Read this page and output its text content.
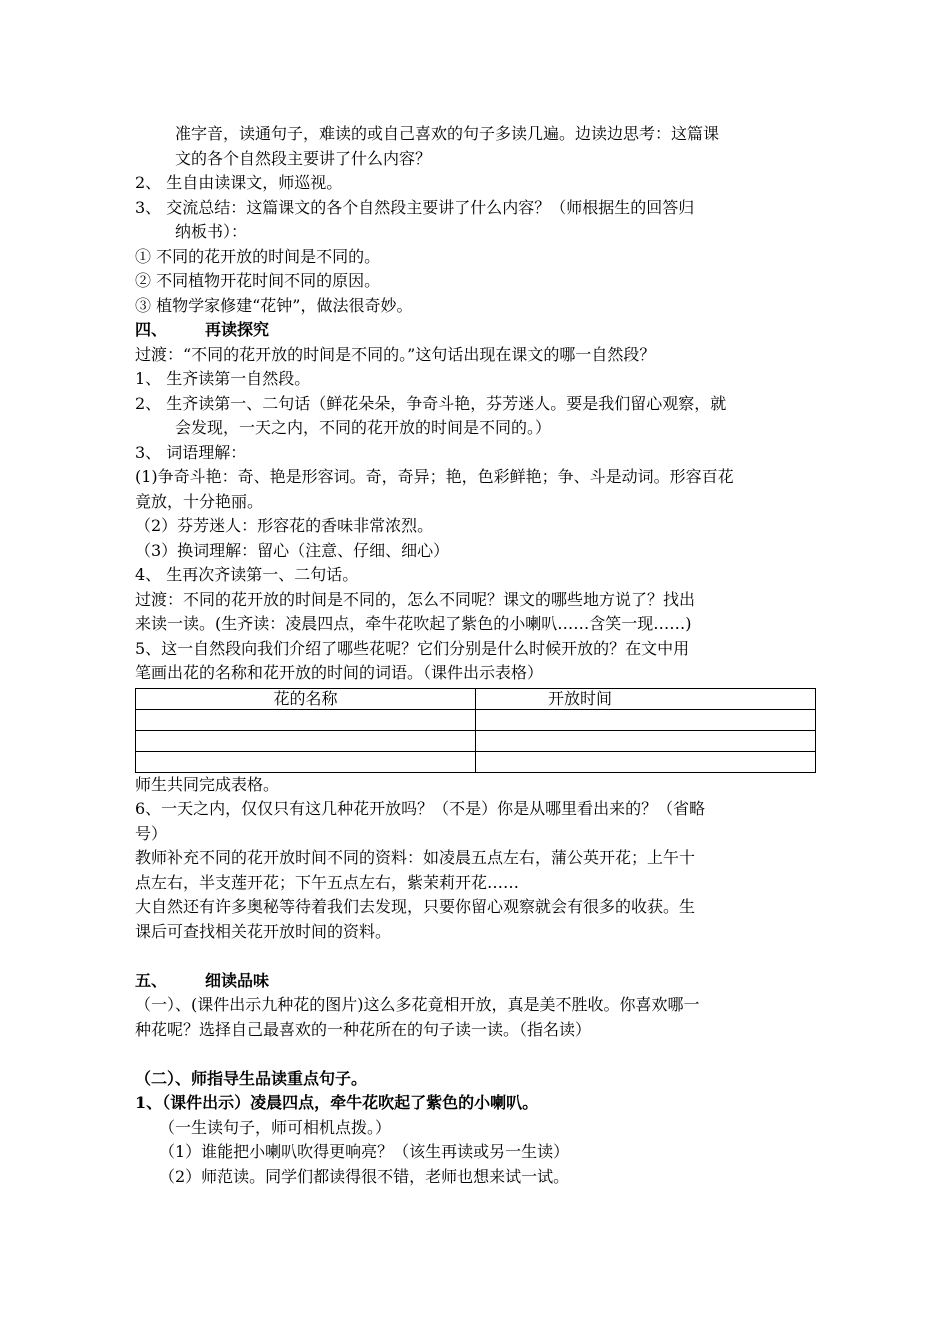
准字音，读通句子，难读的或自己喜欢的句子多读几遍。边读边思考：这篇课
文的各个自然段主要讲了什么内容？
2、 生自由读课文，师巡视。
3、 交流总结：这篇课文的各个自然段主要讲了什么内容？（师根据生的回答归
纳板书）：
① 不同的花开放的时间是不同的。
② 不同植物开花时间不同的原因。
③ 植物学家修建“花钟”，做法很奇妙。
四、 再读探究
过渡：“不同的花开放的时间是不同的。”这句话出现在课文的哪一自然段？
1、 生齐读第一自然段。
2、 生齐读第一、二句话（鲜花朵朵，争奇斗艳，芬芳迷人。要是我们留心观察，就
会发现，一天之内，不同的花开放的时间是不同的。）
3、 词语理解：
(1)争奇斗艳：奇、艳是形容词。奇，奇异；艳，色彩鲜艳；争、斗是动词。形容百花
竟放，十分艳丽。
（2）芬芳迷人：形容花的香味非常浓烈。
（3）换词理解：留心（注意、仔细、细心）
4、 生再次齐读第一、二句话。
过渡：不同的花开放的时间是不同的，怎么不同呢？课文的哪些地方说了？找出
来读一读。(生齐读：凌晨四点，牵牛花吹起了紫色的小喇叭……含笑一现……)
5、这一自然段向我们介绍了哪些花呢？它们分别是什么时候开放的？在文中用
笔画出花的名称和花开放的时间的词语。（课件出示表格）
花的名称	开放时间

师生共同完成表格。
6、一天之内，仅仅只有这几种花开放吗？（不是）你是从哪里看出来的？（省略
号）
教师补充不同的花开放时间不同的资料：如凌晨五点左右，蒲公英开花；上午十
点左右，半支莲开花；下午五点左右，紫茉莉开花……
大自然还有许多奥秘等待着我们去发现，只要你留心观察就会有很多的收获。生
课后可查找相关花开放时间的资料。
五、 细读品味
（一）、(课件出示九种花的图片)这么多花竟相开放，真是美不胜收。你喜欢哪一
种花呢？选择自己最喜欢的一种花所在的句子读一读。（指名读）
（二）、师指导生品读重点句子。
1、（课件出示）凌晨四点，牵牛花吹起了紫色的小喇叭。
（一生读句子，师可相机点拨。）
（1）谁能把小喇叭吹得更响亮？（该生再读或另一生读）
（2）师范读。同学们都读得很不错，老师也想来试一试。
